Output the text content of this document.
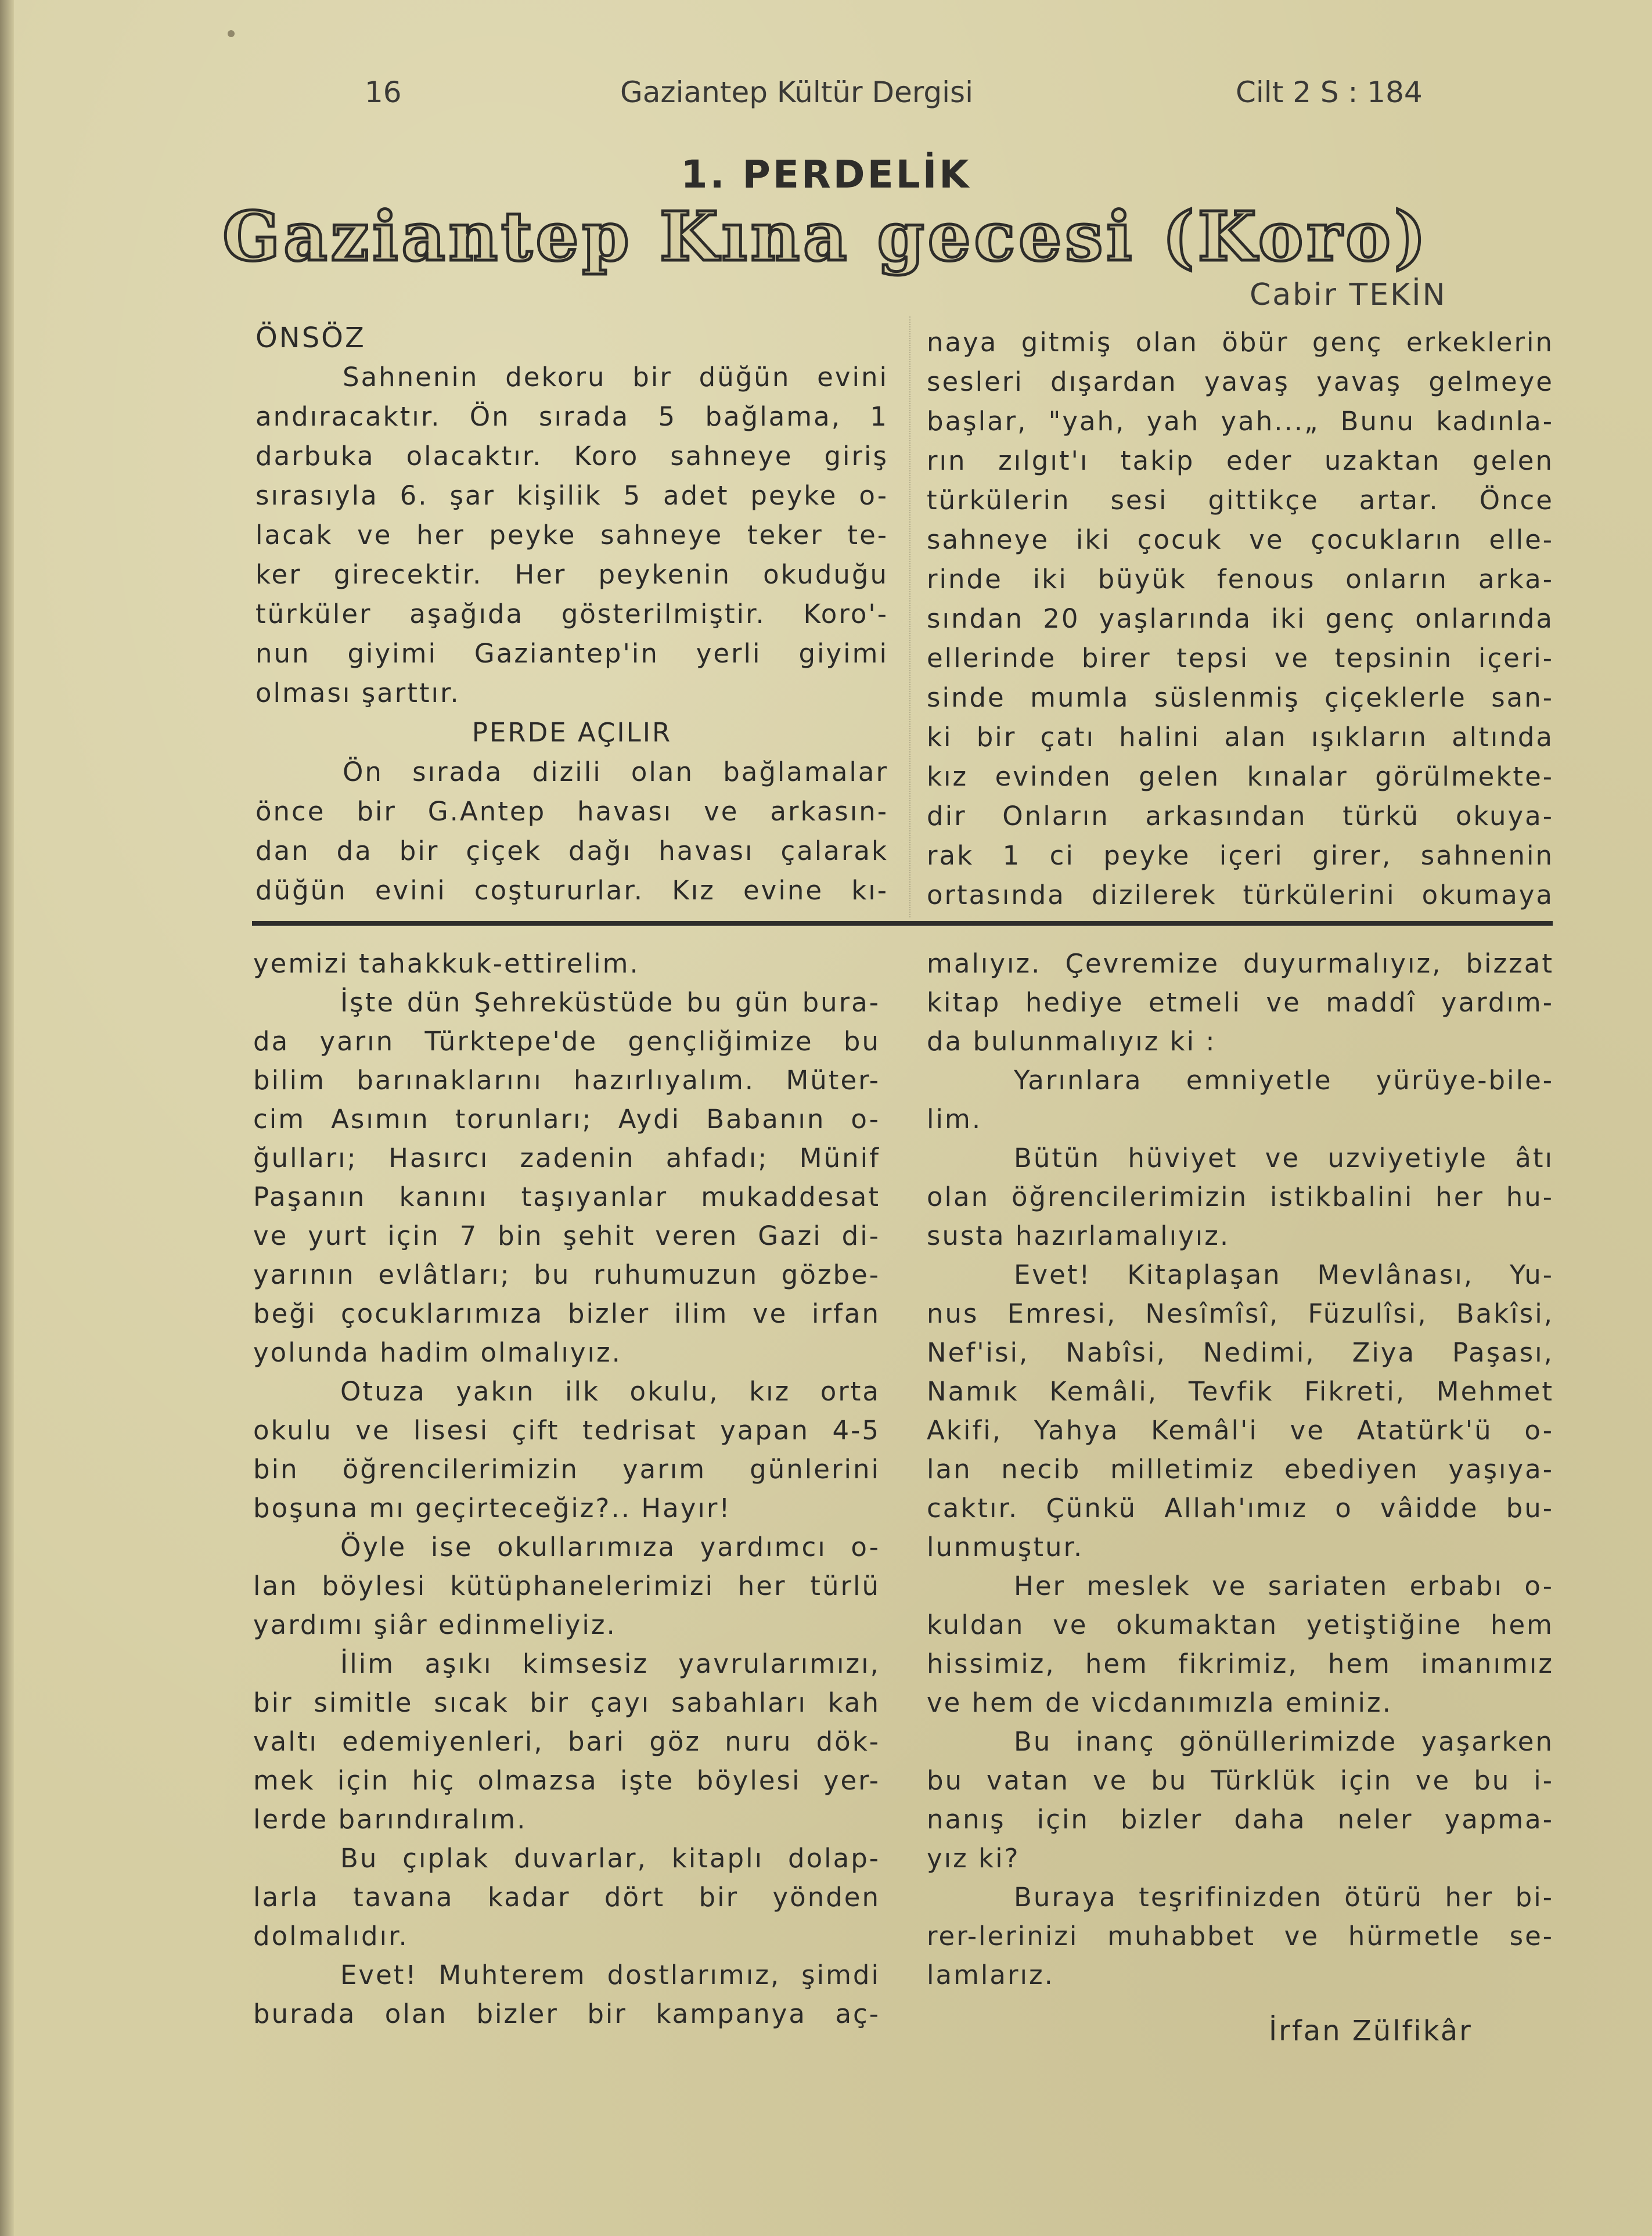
16	Gaziantep Kültür Dergisi	Cilt 2 S : 184
1. PERDELİK
Gaziantep Kına gecesi (Koro)
Cabir TEKİN
ÖNSÖZ
Sahnenin dekoru bir düğün evini
andıracaktır. Ön sırada 5 bağlama, 1
darbuka olacaktır. Koro sahneye giriş
sırasıyla 6. şar kişilik 5 adet peyke o-
lacak ve her peyke sahneye teker te-
ker girecektir. Her peykenin okuduğu
türküler aşağıda gösterilmiştir. Koro'-
nun giyimi Gaziantep'in yerli giyimi
olması şarttır.
PERDE AÇILIR
Ön sırada dizili olan bağlamalar
önce bir G.Antep havası ve arkasın-
dan da bir çiçek dağı havası çalarak
düğün evini coştururlar. Kız evine kı-
naya gitmiş olan öbür genç erkeklerin
sesleri dışardan yavaş yavaş gelmeye
başlar, "yah, yah yah...„ Bunu kadınla-
rın zılgıt'ı takip eder uzaktan gelen
türkülerin sesi gittikçe artar. Önce
sahneye iki çocuk ve çocukların elle-
rinde iki büyük fenous onların arka-
sından 20 yaşlarında iki genç onlarında
ellerinde birer tepsi ve tepsinin içeri-
sinde mumla süslenmiş çiçeklerle san-
ki bir çatı halini alan ışıkların altında
kız evinden gelen kınalar görülmekte-
dir Onların arkasından türkü okuya-
rak 1 ci peyke içeri girer, sahnenin
ortasında dizilerek türkülerini okumaya
yemizi tahakkuk-ettirelim.
İşte dün Şehreküstüde bu gün bura-
da yarın Türktepe'de gençliğimize bu
bilim barınaklarını hazırlıyalım. Müter-
cim Asımın torunları; Aydi Babanın o-
ğulları; Hasırcı zadenin ahfadı; Münif
Paşanın kanını taşıyanlar mukaddesat
ve yurt için 7 bin şehit veren Gazi di-
yarının evlâtları; bu ruhumuzun gözbe-
beği çocuklarımıza bizler ilim ve irfan
yolunda hadim olmalıyız.
Otuza yakın ilk okulu, kız orta
okulu ve lisesi çift tedrisat yapan 4-5
bin öğrencilerimizin yarım günlerini
boşuna mı geçirteceğiz?.. Hayır!
Öyle ise okullarımıza yardımcı o-
lan böylesi kütüphanelerimizi her türlü
yardımı şiâr edinmeliyiz.
İlim aşıkı kimsesiz yavrularımızı,
bir simitle sıcak bir çayı sabahları kah
valtı edemiyenleri, bari göz nuru dök-
mek için hiç olmazsa işte böylesi yer-
lerde barındıralım.
Bu çıplak duvarlar, kitaplı dolap-
larla tavana kadar dört bir yönden
dolmalıdır.
Evet! Muhterem dostlarımız, şimdi
burada olan bizler bir kampanya aç-
malıyız. Çevremize duyurmalıyız, bizzat
kitap hediye etmeli ve maddî yardım-
da bulunmalıyız ki :
Yarınlara emniyetle yürüye-bile-
lim.
Bütün hüviyet ve uzviyetiyle âtı
olan öğrencilerimizin istikbalini her hu-
susta hazırlamalıyız.
Evet! Kitaplaşan Mevlânası, Yu-
nus Emresi, Nesîmîsî, Füzulîsi, Bakîsi,
Nef'isi, Nabîsi, Nedimi, Ziya Paşası,
Namık Kemâli, Tevfik Fikreti, Mehmet
Akifi, Yahya Kemâl'i ve Atatürk'ü o-
lan necib milletimiz ebediyen yaşıya-
caktır. Çünkü Allah'ımız o vâidde bu-
lunmuştur.
Her meslek ve sariaten erbabı o-
kuldan ve okumaktan yetiştiğine hem
hissimiz, hem fikrimiz, hem imanımız
ve hem de vicdanımızla eminiz.
Bu inanç gönüllerimizde yaşarken
bu vatan ve bu Türklük için ve bu i-
nanış için bizler daha neler yapma-
yız ki?
Buraya teşrifinizden ötürü her bi-
rer-lerinizi muhabbet ve hürmetle se-
lamlarız.
İrfan Zülfikâr
